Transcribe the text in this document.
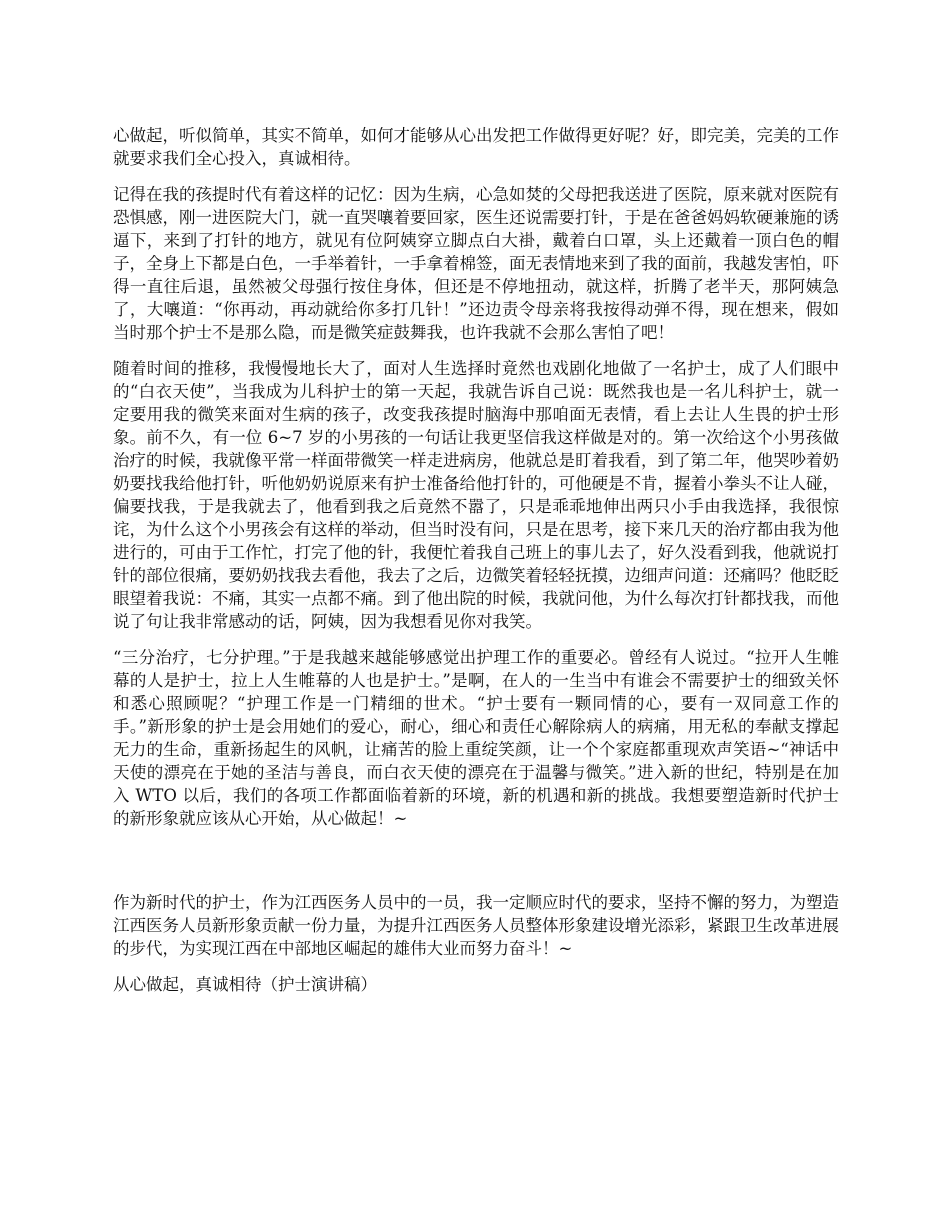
心做起，听似简单，其实不简单，如何才能够从心出发把工作做得更好呢？好，即完美，完美的工作就要求我们全心投入，真诚相待。

记得在我的孩提时代有着这样的记忆：因为生病，心急如焚的父母把我送进了医院，原来就对医院有恐惧感，刚一进医院大门，就一直哭嚷着要回家，医生还说需要打针，于是在爸爸妈妈软硬兼施的诱逼下，来到了打针的地方，就见有位阿姨穿立脚点白大褂，戴着白口罩，头上还戴着一顶白色的帽子，全身上下都是白色，一手举着针，一手拿着棉签，面无表情地来到了我的面前，我越发害怕，吓得一直往后退，虽然被父母强行按住身体，但还是不停地扭动，就这样，折腾了老半天，那阿姨急了，大嚷道：“你再动，再动就给你多打几针！”还边责令母亲将我按得动弹不得，现在想来，假如当时那个护士不是那么隐，而是微笑症鼓舞我，也许我就不会那么害怕了吧！

随着时间的推移，我慢慢地长大了，面对人生选择时竟然也戏剧化地做了一名护士，成了人们眼中的“白衣天使”，当我成为儿科护士的第一天起，我就告诉自己说：既然我也是一名儿科护士，就一定要用我的微笑来面对生病的孩子，改变我孩提时脑海中那咱面无表情，看上去让人生畏的护士形象。前不久，有一位 6~7 岁的小男孩的一句话让我更坚信我这样做是对的。第一次给这个小男孩做治疗的时候，我就像平常一样面带微笑一样走进病房，他就总是盯着我看，到了第二年，他哭吵着奶奶要找我给他打针，听他奶奶说原来有护士准备给他打针的，可他硬是不肯，握着小拳头不让人碰，偏要找我，于是我就去了，他看到我之后竟然不嚣了，只是乖乖地伸出两只小手由我选择，我很惊诧，为什么这个小男孩会有这样的举动，但当时没有问，只是在思考，接下来几天的治疗都由我为他进行的，可由于工作忙，打完了他的针，我便忙着我自己班上的事儿去了，好久没看到我，他就说打针的部位很痛，要奶奶找我去看他，我去了之后，边微笑着轻轻抚摸，边细声问道：还痛吗？他眨眨眼望着我说：不痛，其实一点都不痛。到了他出院的时候，我就问他，为什么每次打针都找我，而他说了句让我非常感动的话，阿姨，因为我想看见你对我笑。

“三分治疗，七分护理。”于是我越来越能够感觉出护理工作的重要必。曾经有人说过。“拉开人生帷幕的人是护士，拉上人生帷幕的人也是护士。”是啊，在人的一生当中有谁会不需要护士的细致关怀和悉心照顾呢？“护理工作是一门精细的世术。“护士要有一颗同情的心，要有一双同意工作的手。”新形象的护士是会用她们的爱心，耐心，细心和责任心解除病人的病痛，用无私的奉献支撑起无力的生命，重新扬起生的风帆，让痛苦的脸上重绽笑颜，让一个个家庭都重现欢声笑语~“神话中天使的漂亮在于她的圣洁与善良，而白衣天使的漂亮在于温馨与微笑。”进入新的世纪，特别是在加入 WTO 以后，我们的各项工作都面临着新的环境，新的机遇和新的挑战。我想要塑造新时代护士的新形象就应该从心开始，从心做起！~

作为新时代的护士，作为江西医务人员中的一员，我一定顺应时代的要求，坚持不懈的努力，为塑造江西医务人员新形象贡献一份力量，为提升江西医务人员整体形象建设增光添彩，紧跟卫生改革进展的步代，为实现江西在中部地区崛起的雄伟大业而努力奋斗！~

从心做起，真诚相待（护士演讲稿）
